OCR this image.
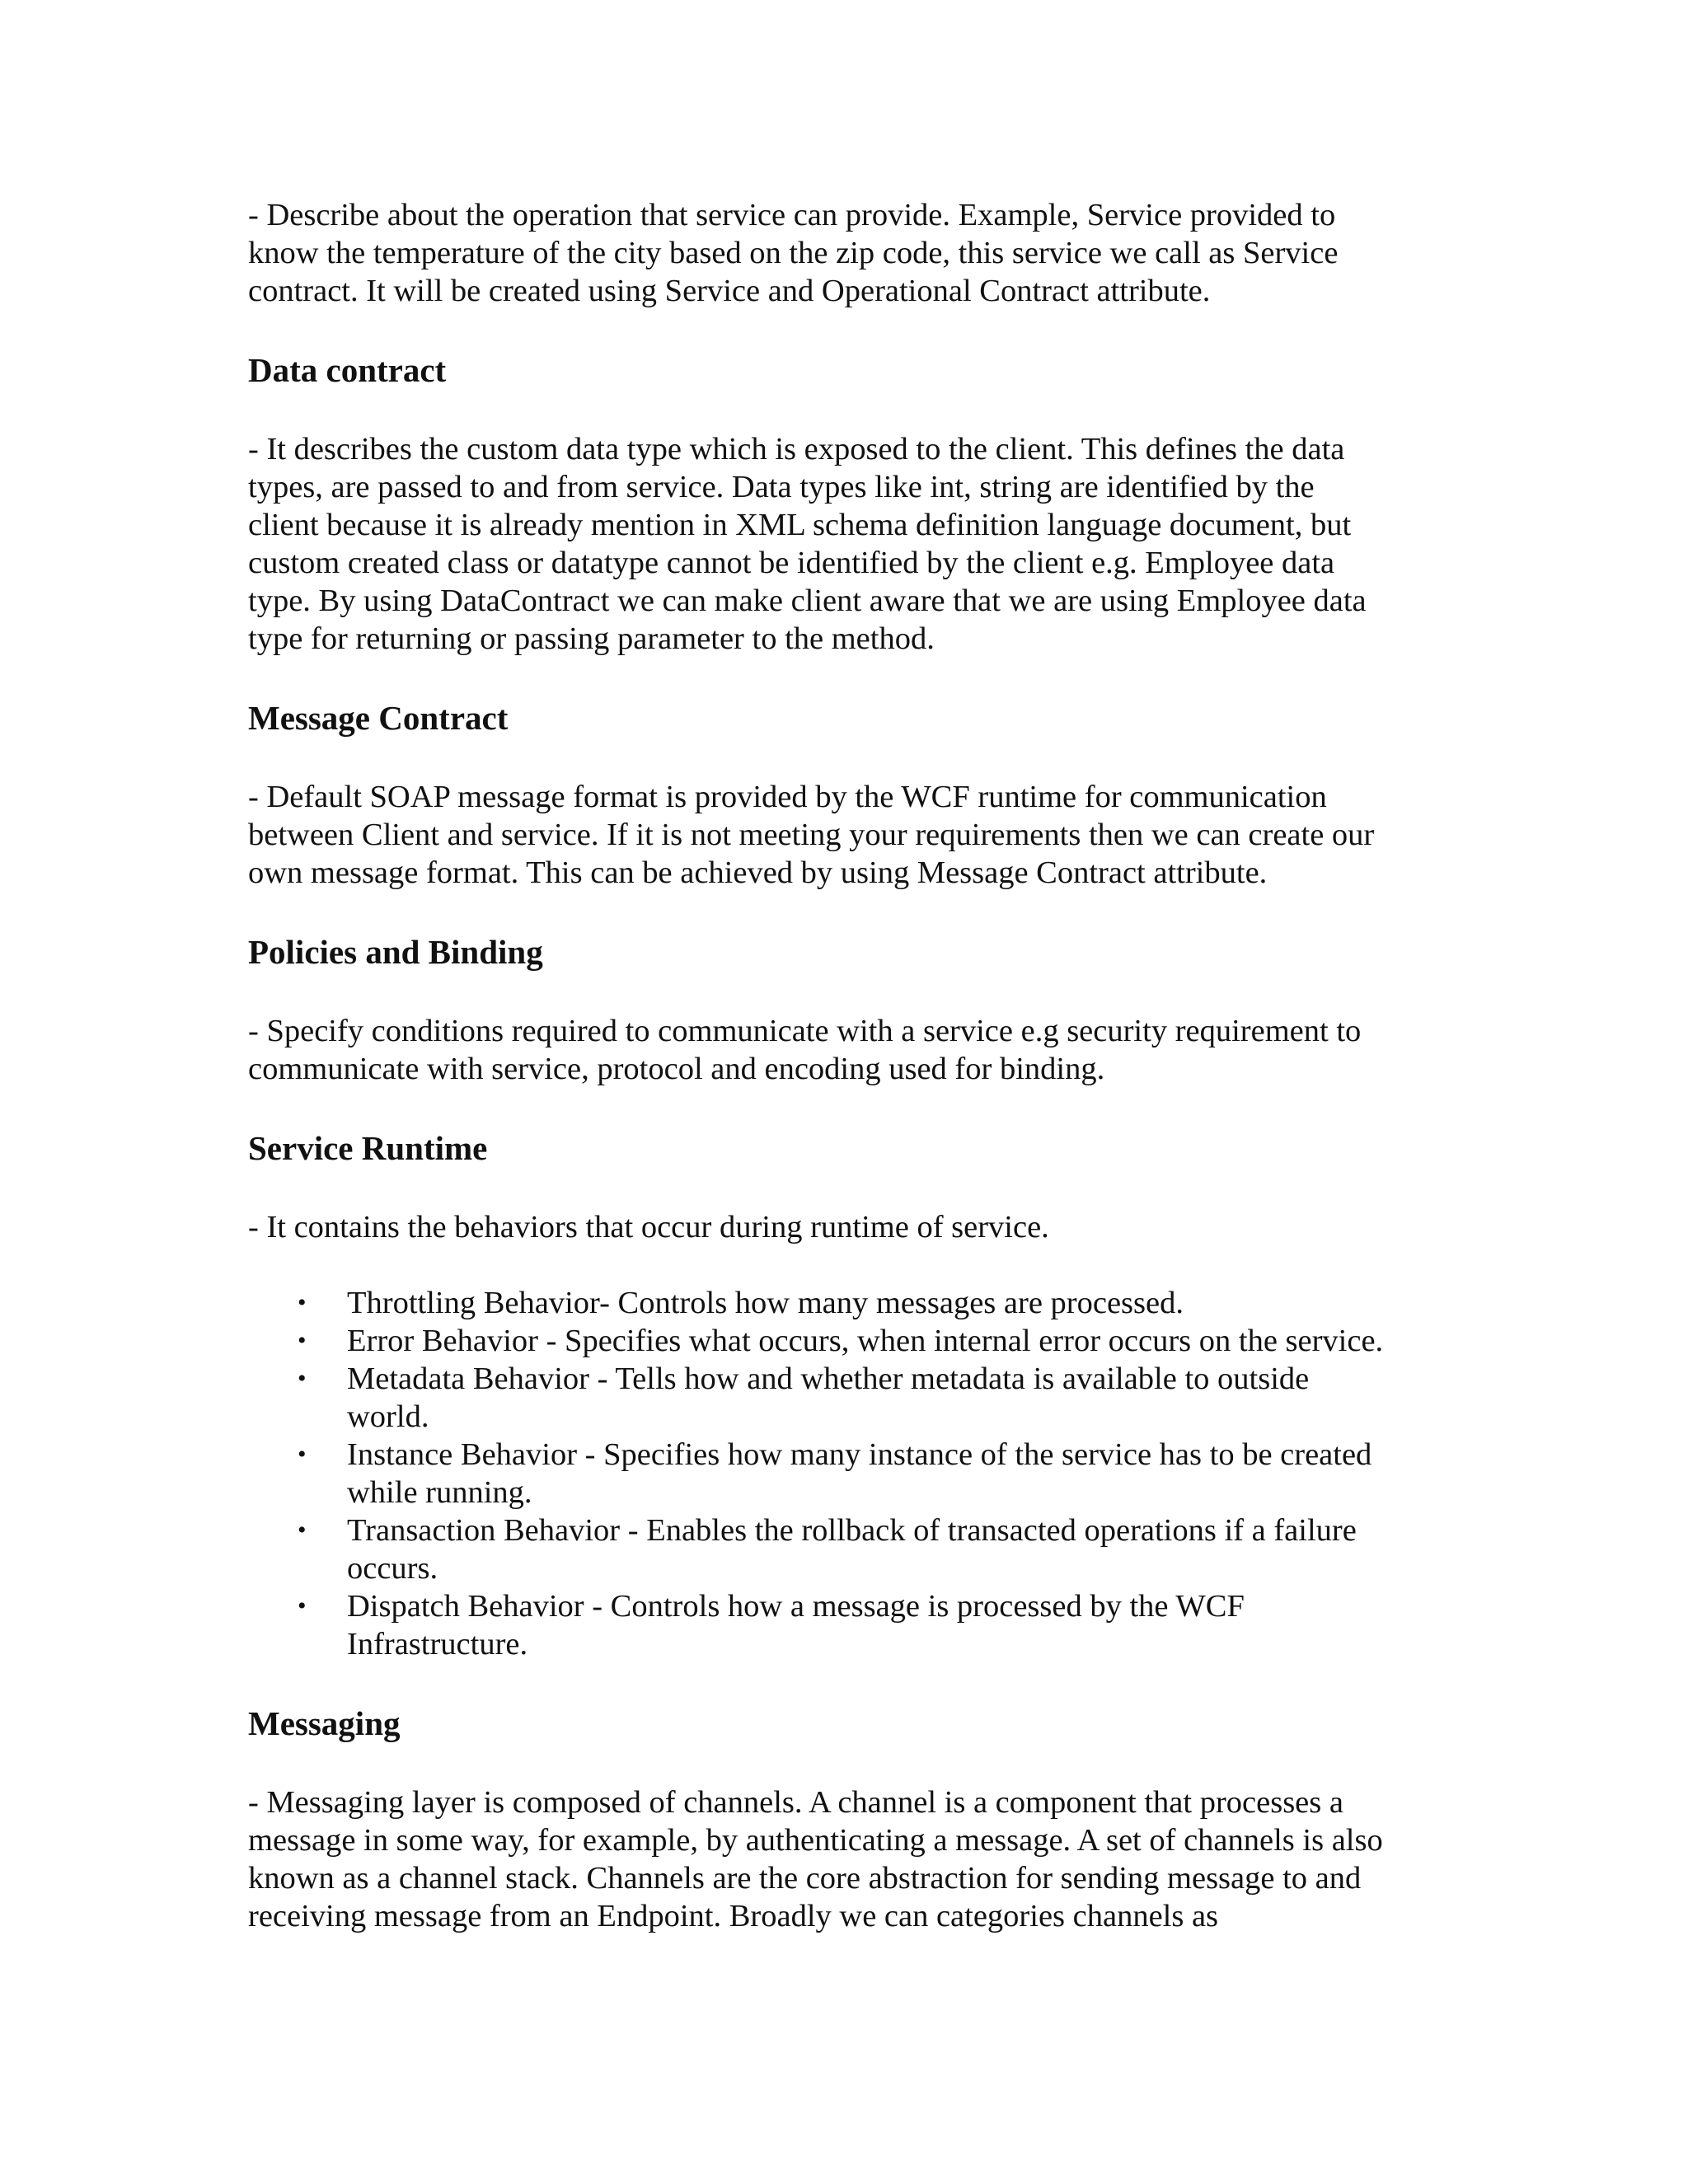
- Describe about the operation that service can provide. Example, Service provided to
know the temperature of the city based on the zip code, this service we call as Service
contract. It will be created using Service and Operational Contract attribute.

Data contract

- It describes the custom data type which is exposed to the client. This defines the data
types, are passed to and from service. Data types like int, string are identified by the
client because it is already mention in XML schema definition language document, but
custom created class or datatype cannot be identified by the client e.g. Employee data
type. By using DataContract we can make client aware that we are using Employee data
type for returning or passing parameter to the method.

Message Contract

- Default SOAP message format is provided by the WCF runtime for communication
between Client and service. If it is not meeting your requirements then we can create our
own message format. This can be achieved by using Message Contract attribute.

Policies and Binding

- Specify conditions required to communicate with a service e.g security requirement to
communicate with service, protocol and encoding used for binding.

Service Runtime

- It contains the behaviors that occur during runtime of service.

• Throttling Behavior- Controls how many messages are processed.
• Error Behavior - Specifies what occurs, when internal error occurs on the service.
• Metadata Behavior - Tells how and whether metadata is available to outside
world.
• Instance Behavior - Specifies how many instance of the service has to be created
while running.
• Transaction Behavior - Enables the rollback of transacted operations if a failure
occurs.
• Dispatch Behavior - Controls how a message is processed by the WCF
Infrastructure.
Messaging

- Messaging layer is composed of channels. A channel is a component that processes a
message in some way, for example, by authenticating a message. A set of channels is also
known as a channel stack. Channels are the core abstraction for sending message to and
receiving message from an Endpoint. Broadly we can categories channels as
